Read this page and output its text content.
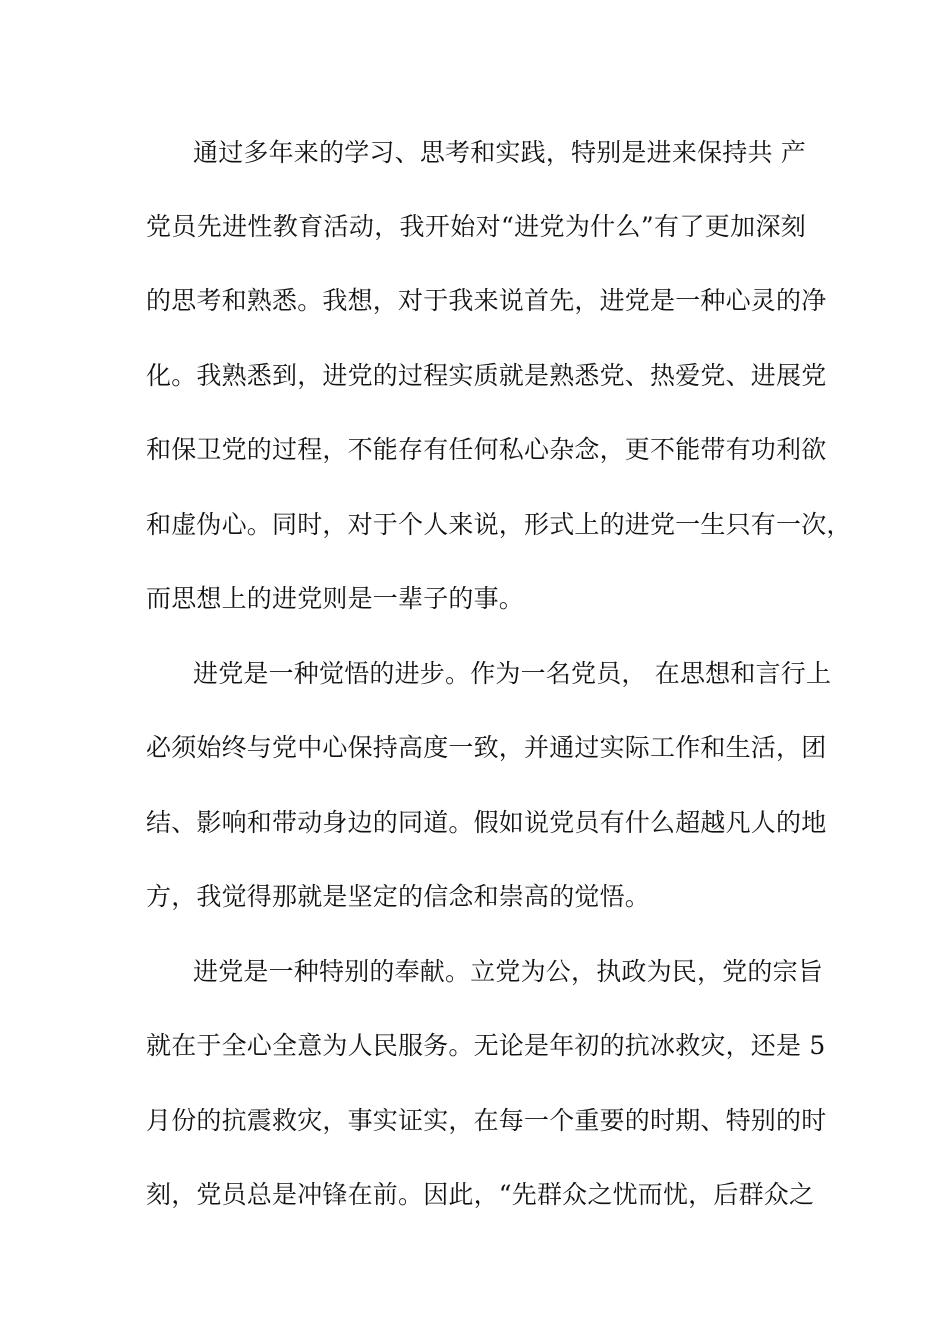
通过多年来的学习、思考和实践，特别是进来保持共 产
党员先进性教育活动，我开始对“进党为什么”有了更加深刻
的思考和熟悉。我想，对于我来说首先，进党是一种心灵的净
化。我熟悉到，进党的过程实质就是熟悉党、热爱党、进展党
和保卫党的过程，不能存有任何私心杂念，更不能带有功利欲
和虚伪心。同时，对于个人来说，形式上的进党一生只有一次，
而思想上的进党则是一辈子的事。
进党是一种觉悟的进步。作为一名党员， 在思想和言行上
必须始终与党中心保持高度一致，并通过实际工作和生活，团
结、影响和带动身边的同道。假如说党员有什么超越凡人的地
方，我觉得那就是坚定的信念和崇高的觉悟。
进党是一种特别的奉献。立党为公，执政为民，党的宗旨
就在于全心全意为人民服务。无论是年初的抗冰救灾，还是 5
月份的抗震救灾，事实证实，在每一个重要的时期、特别的时
刻，党员总是冲锋在前。因此，“先群众之忧而忧，后群众之
